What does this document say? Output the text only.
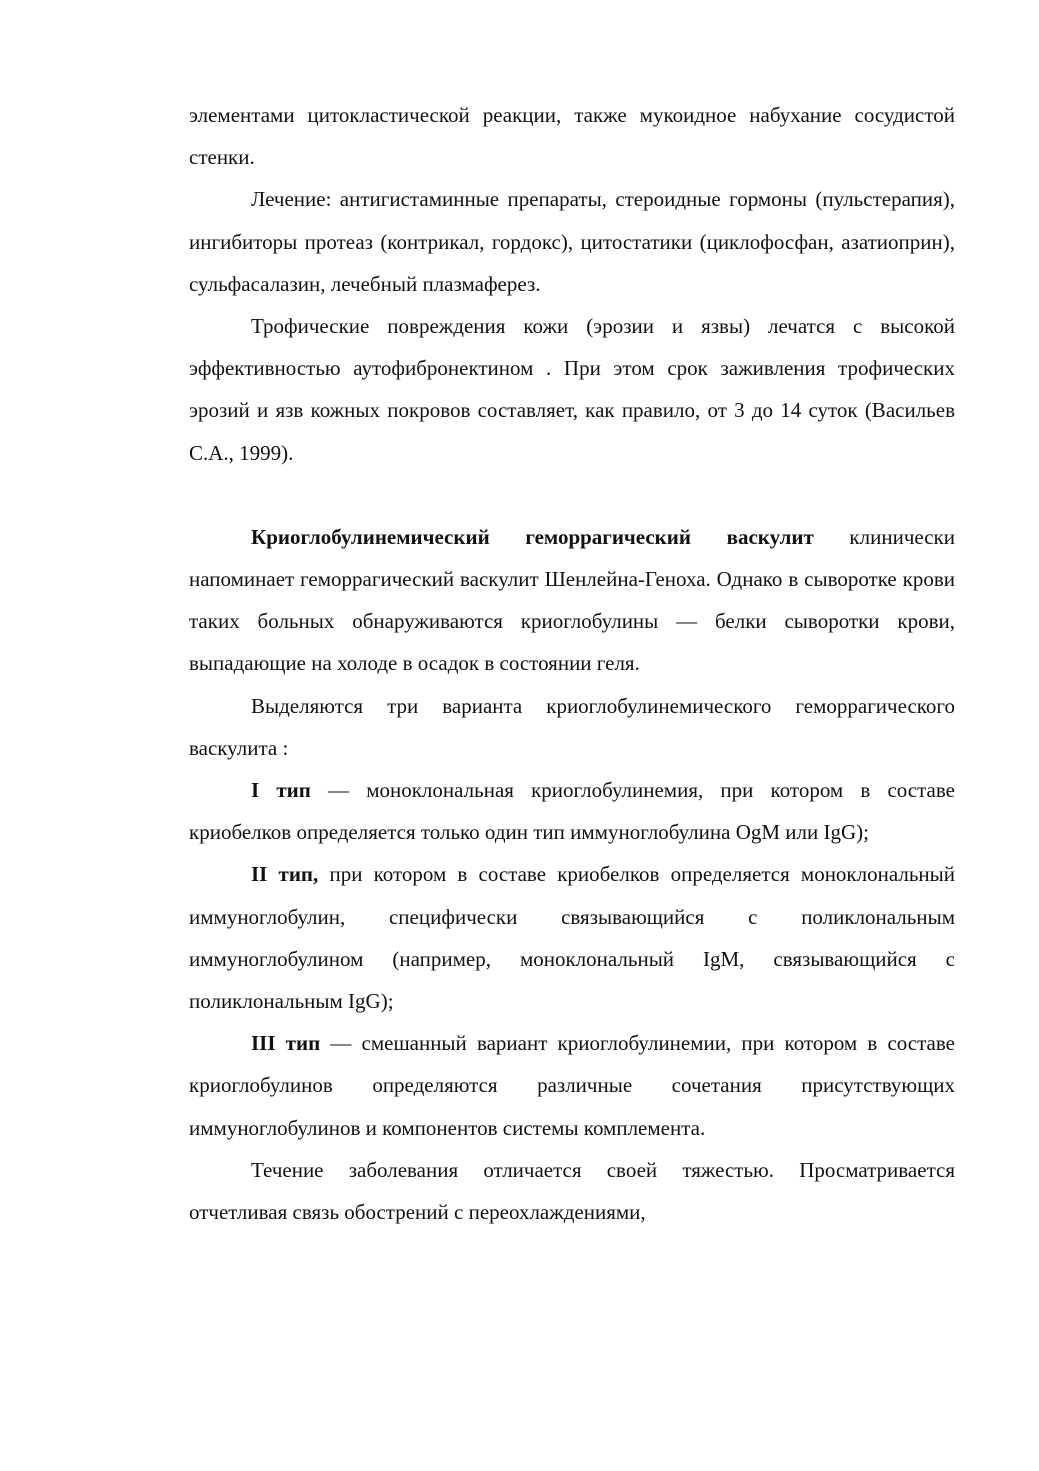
элементами цитокластической реакции, также мукоидное набухание сосудистой стенки.

Лечение: антигистаминные препараты, стероидные гормоны (пульстерапия), ингибиторы протеаз (контрикал, гордокс), цитостатики (циклофосфан, азатиоприн), сульфасалазин, лечебный плазмаферез.

Трофические повреждения кожи (эрозии и язвы) лечатся с высокой эффективностью аутофибронектином . При этом срок заживления трофических эрозий и язв кожных покровов составляет, как правило, от 3 до 14 суток (Васильев С.А., 1999).

Криоглобулинемический геморрагический васкулит клинически напоминает геморрагический васкулит Шенлейна-Геноха. Однако в сыворотке крови таких больных обнаруживаются криоглобулины — белки сыворотки крови, выпадающие на холоде в осадок в состоянии геля.

Выделяются три варианта криоглобулинемического геморрагического васкулита :

I тип — моноклональная криоглобулинемия, при котором в составе криобелков определяется только один тип иммуноглобулина OgM или IgG);

II тип, при котором в составе криобелков определяется моноклональный иммуноглобулин, специфически связывающийся с поликлональным иммуноглобулином (например, моноклональный IgM, связывающийся с поликлональным IgG);

III тип — смешанный вариант криоглобулинемии, при котором в составе криоглобулинов определяются различные сочетания присутствующих иммуноглобулинов и компонентов системы комплемента.

Течение заболевания отличается своей тяжестью. Просматривается отчетливая связь обострений с переохлаждениями,
